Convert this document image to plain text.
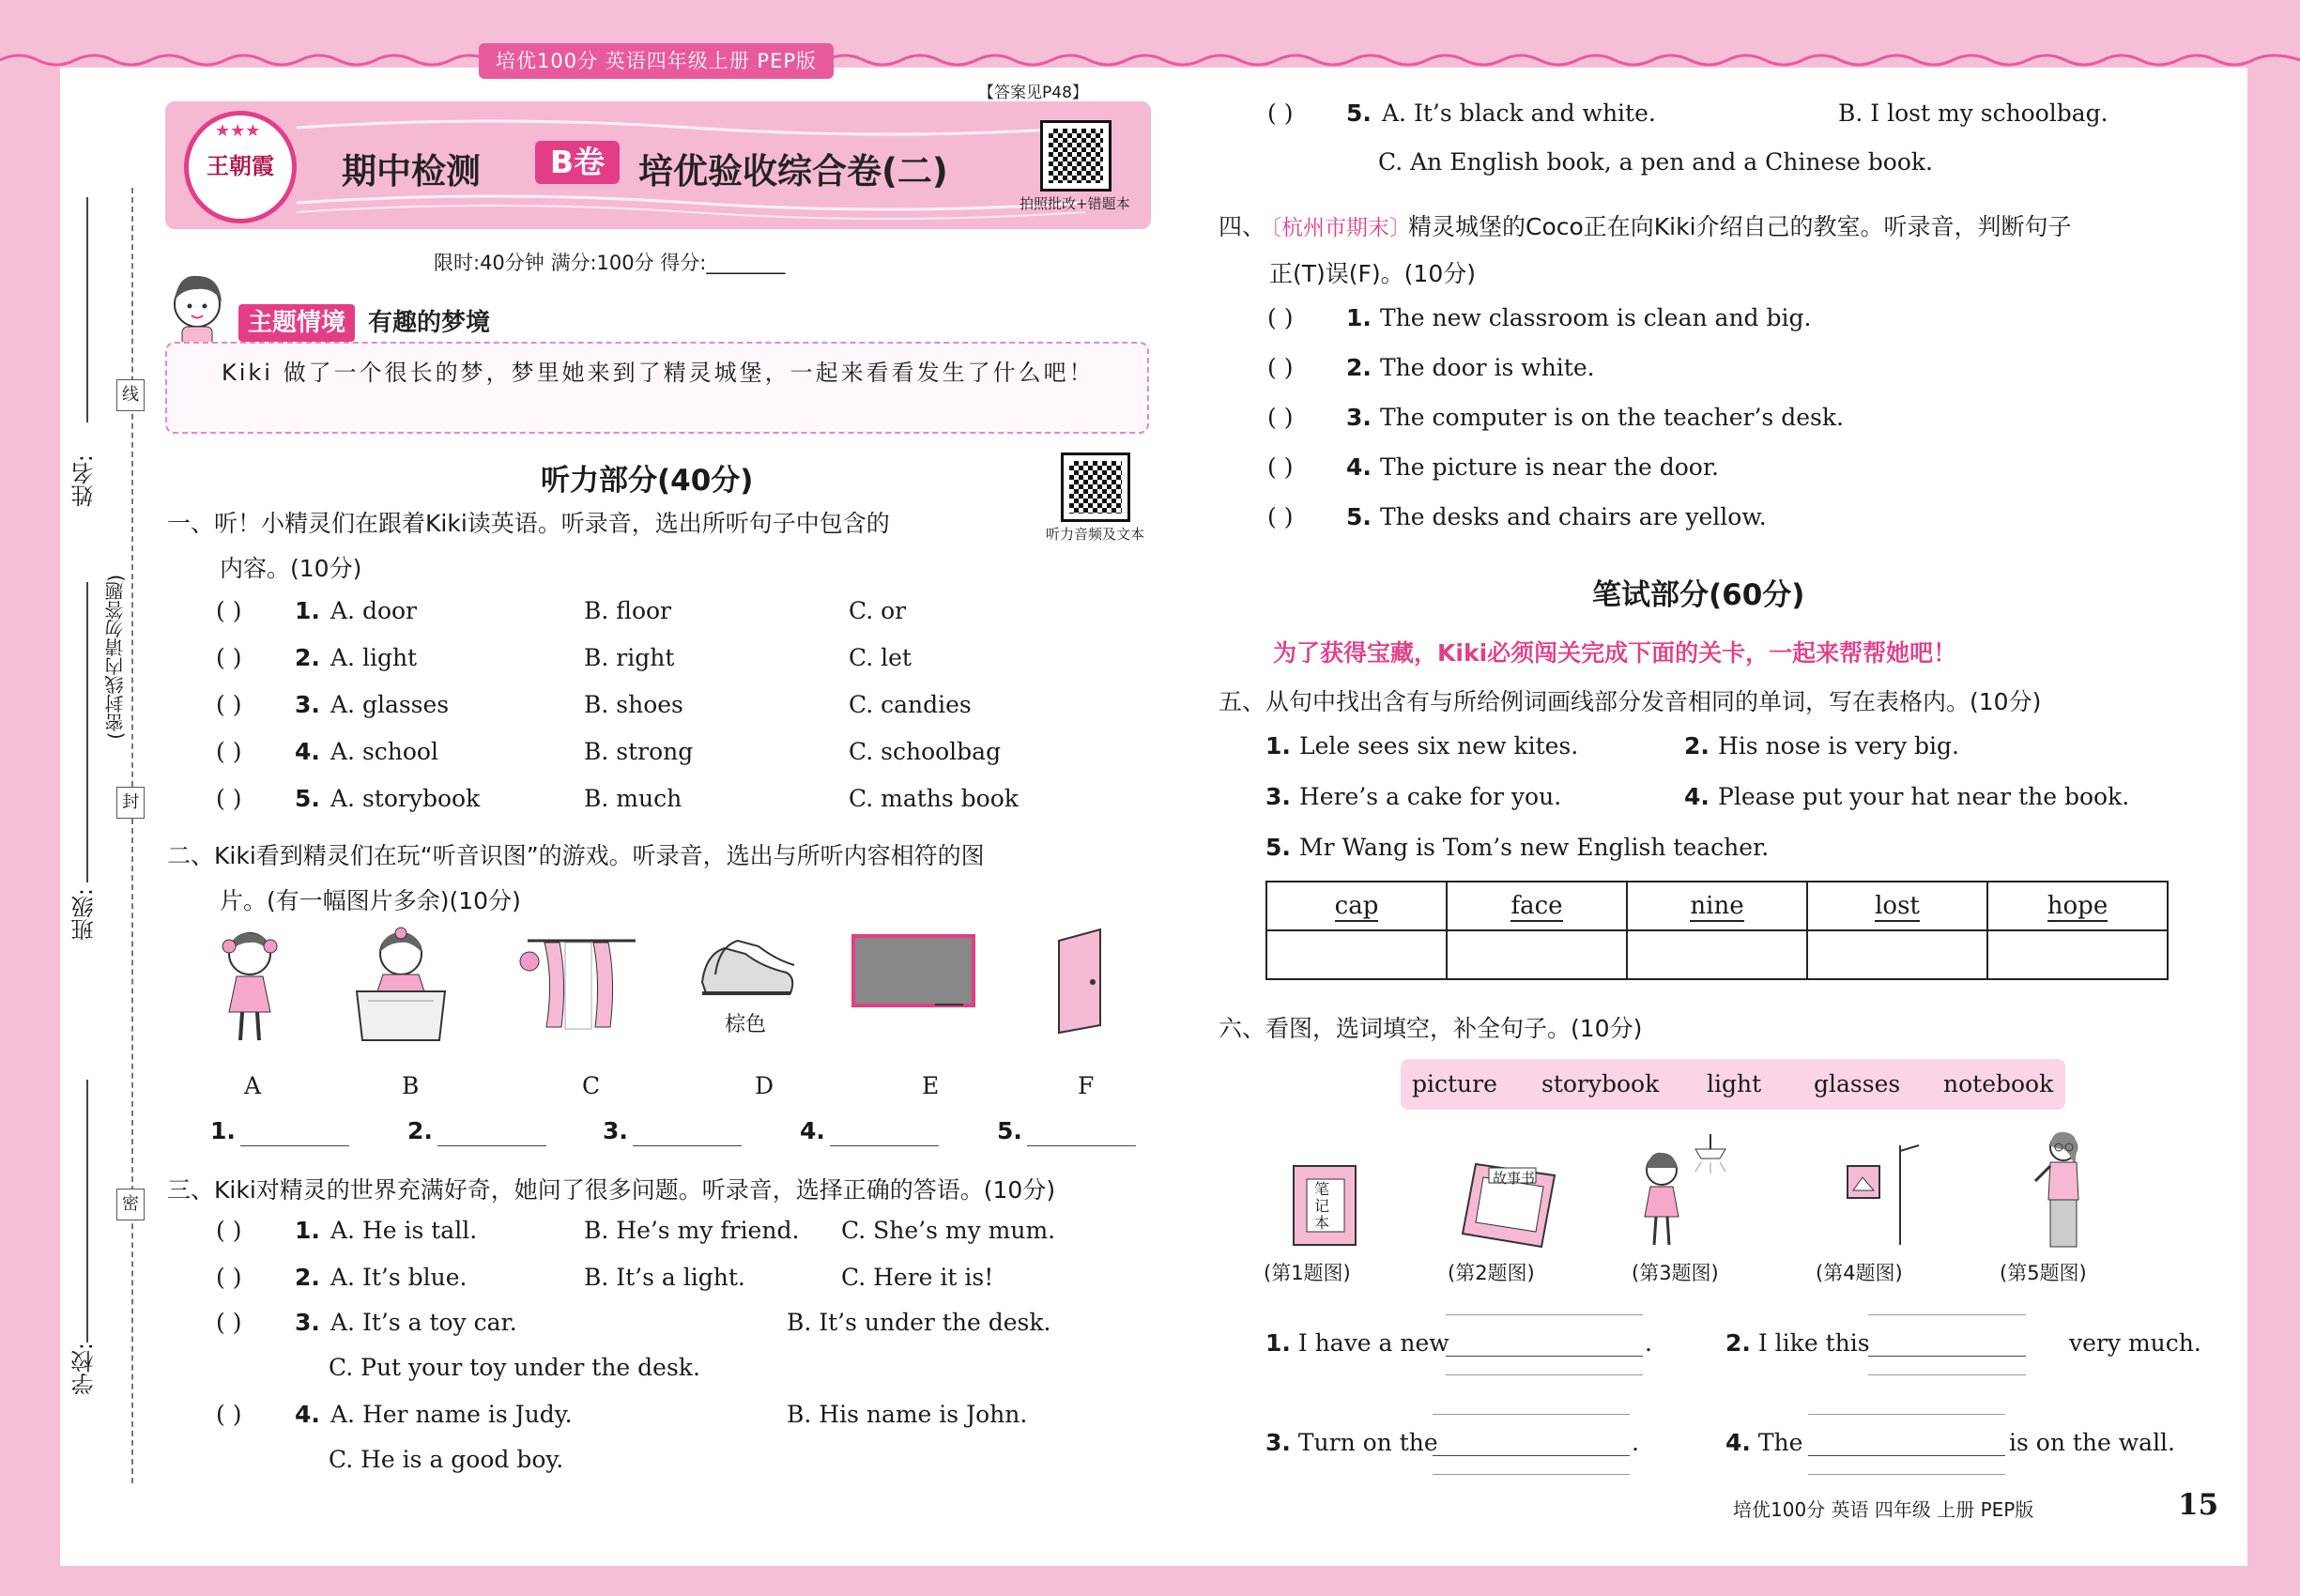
培优100分 英语四年级上册 PEP版
姓名:
线
(密封线内请勿答题)
封
班级:
密
学校:
王朝霞
★★★
期中检测	B卷 培优验收综合卷(二)
【答案见P48】
拍照批改+错题本
限时:40分钟 满分:100分 得分:________
主题情境 有趣的梦境
Kiki 做了一个很长的梦，梦里她来到了精灵城堡，一起来看看发生了什么吧！
听力部分(40分)
听力音频及文本
一、听！小精灵们在跟着Kiki读英语。听录音，选出所听句子中包含的
内容。(10分)
( ) 1. A. door	B. floor	C. or
( ) 2. A. light	B. right	C. let
( ) 3. A. glasses	B. shoes	C. candies
( ) 4. A. school	B. strong	C. schoolbag
( ) 5. A. storybook	B. much	C. maths book
二、Kiki看到精灵们在玩“听音识图”的游戏。听录音，选出与所听内容相符的图
片。(有一幅图片多余)(10分)
棕色
A	B	C	D	E	F
1.	2.	3.	4.	5.
三、Kiki对精灵的世界充满好奇，她问了很多问题。听录音，选择正确的答语。(10分)
( ) 1. A. He is tall.	B. He’s my friend. C. She’s my mum.
( ) 2. A. It’s blue.	B. It’s a light.	C. Here it is!
( ) 3. A. It’s a toy car.	B. It’s under the desk.
C. Put your toy under the desk.
( ) 4. A. Her name is Judy.	B. His name is John.
C. He is a good boy.
( ) 5. A. It’s black and white.	B. I lost my schoolbag.
C. An English book, a pen and a Chinese book.
四、
〔杭州市期末〕
精灵城堡的Coco正在向Kiki介绍自己的教室。听录音，判断句子
正(T)误(F)。(10分)
( ) 1. The new classroom is clean and big.
( ) 2. The door is white.
( ) 3. The computer is on the teacher’s desk.
( ) 4. The picture is near the door.
( ) 5. The desks and chairs are yellow.
笔试部分(60分)
为了获得宝藏，Kiki必须闯关完成下面的关卡，一起来帮帮她吧！
五、从句中找出含有与所给例词画线部分发音相同的单词，写在表格内。(10分)
1. Lele sees six new kites.	2. His nose is very big.
3. Here’s a cake for you.	4. Please put your hat near the book.
5. Mr Wang is Tom’s new English teacher.
cap	face	nine	lost	hope

六、看图，选词填空，补全句子。(10分)
picture storybook light glasses notebook
笔记本
故事书
(第1题图)	(第2题图)	(第3题图)	(第4题图)	(第5题图)
1. I have a new	.	2. I like this	very much.
3. Turn on the	.	4. The	is on the wall.
培优100分 英语 四年级 上册 PEP版	15
